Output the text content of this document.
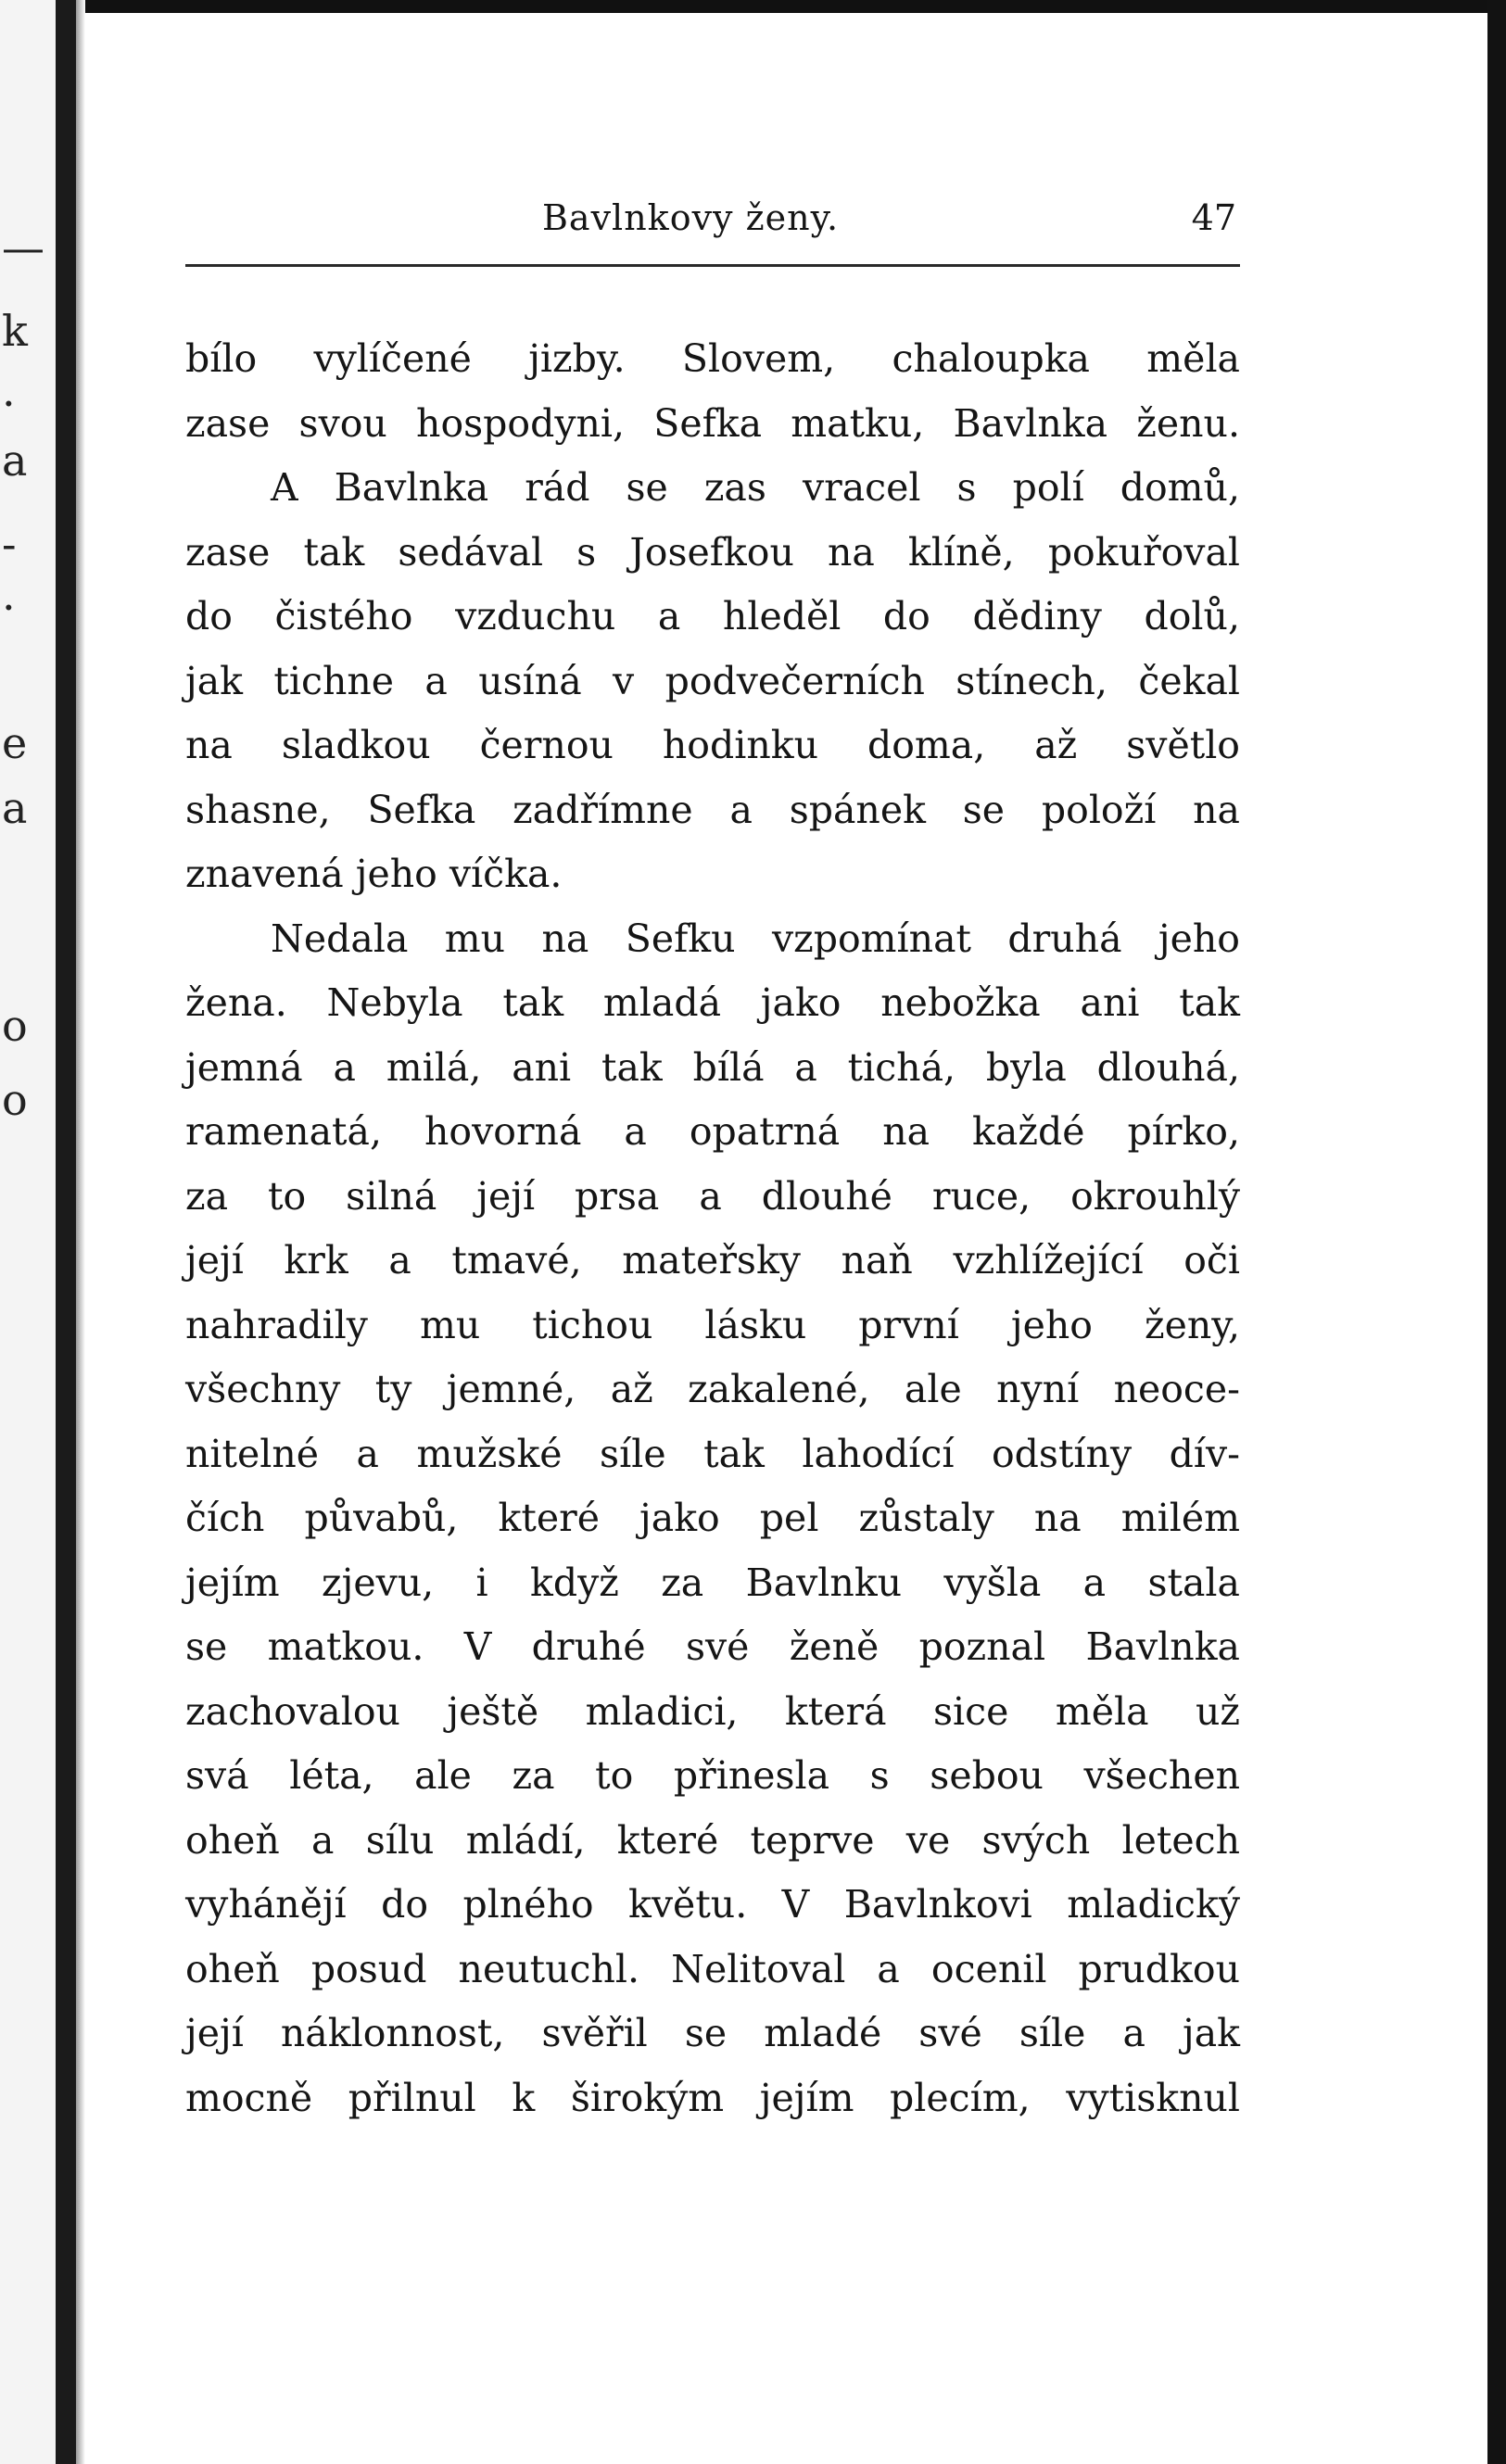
—
k
.
a
-
.
e
a
o
o
Bavlnkovy ženy.	47
bílo vylíčené jizby. Slovem, chaloupka měla
zase svou hospodyni, Sefka matku, Bavlnka ženu.
A Bavlnka rád se zas vracel s polí domů,
zase tak sedával s Josefkou na klíně, pokuřoval
do čistého vzduchu a hleděl do dědiny dolů,
jak tichne a usíná v podvečerních stínech, čekal
na sladkou černou hodinku doma, až světlo
shasne, Sefka zadřímne a spánek se položí na
znavená jeho víčka.
Nedala mu na Sefku vzpomínat druhá jeho
žena. Nebyla tak mladá jako nebožka ani tak
jemná a milá, ani tak bílá a tichá, byla dlouhá,
ramenatá, hovorná a opatrná na každé pírko,
za to silná její prsa a dlouhé ruce, okrouhlý
její krk a tmavé, mateřsky naň vzhlížející oči
nahradily mu tichou lásku první jeho ženy,
všechny ty jemné, až zakalené, ale nyní neoce-
nitelné a mužské síle tak lahodící odstíny dív-
čích půvabů, které jako pel zůstaly na milém
jejím zjevu, i když za Bavlnku vyšla a stala
se matkou. V druhé své ženě poznal Bavlnka
zachovalou ještě mladici, která sice měla už
svá léta, ale za to přinesla s sebou všechen
oheň a sílu mládí, které teprve ve svých letech
vyhánějí do plného květu. V Bavlnkovi mladický
oheň posud neutuchl. Nelitoval a ocenil prudkou
její náklonnost, svěřil se mladé své síle a jak
mocně přilnul k širokým jejím plecím, vytisknul
